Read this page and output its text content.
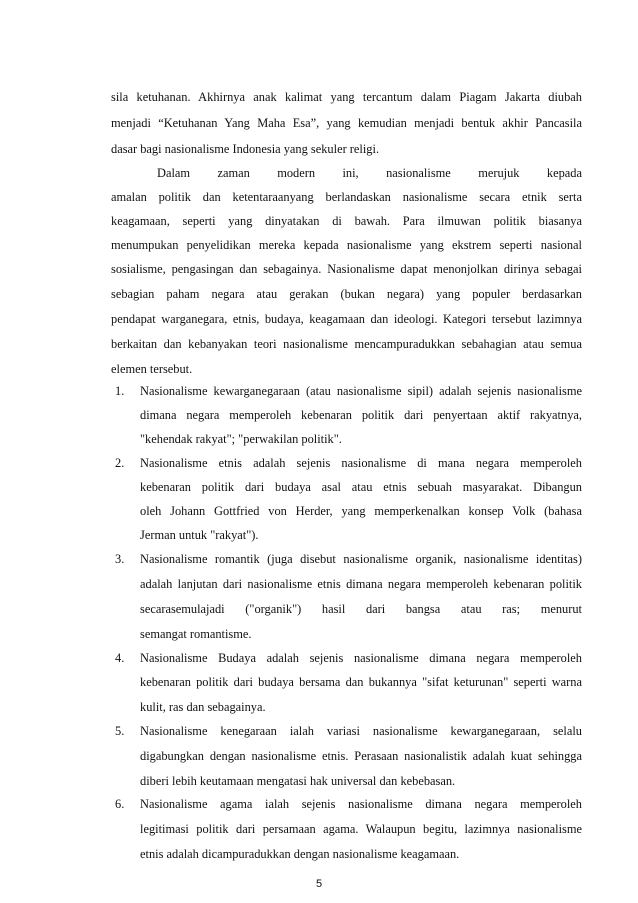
sila ketuhanan. Akhirnya anak kalimat yang tercantum dalam Piagam Jakarta diubah
menjadi “Ketuhanan Yang Maha Esa”, yang kemudian menjadi bentuk akhir Pancasila
dasar bagi nasionalisme Indonesia yang sekuler religi.
Dalam zaman modern ini, nasionalisme merujuk kepada
amalan politik dan ketentaraanyang berlandaskan nasionalisme secara etnik serta
keagamaan, seperti yang dinyatakan di bawah. Para ilmuwan politik biasanya
menumpukan penyelidikan mereka kepada nasionalisme yang ekstrem seperti nasional
sosialisme, pengasingan dan sebagainya. Nasionalisme dapat menonjolkan dirinya sebagai
sebagian paham negara atau gerakan (bukan negara) yang populer berdasarkan
pendapat warganegara, etnis, budaya, keagamaan dan ideologi. Kategori tersebut lazimnya
berkaitan dan kebanyakan teori nasionalisme mencampuradukkan sebahagian atau semua
elemen tersebut.
1.	Nasionalisme kewarganegaraan (atau nasionalisme sipil) adalah sejenis nasionalisme
dimana negara memperoleh kebenaran politik dari penyertaan aktif rakyatnya,
"kehendak rakyat"; "perwakilan politik".
2.	Nasionalisme etnis adalah sejenis nasionalisme di mana negara memperoleh
kebenaran politik dari budaya asal atau etnis sebuah masyarakat. Dibangun
oleh Johann Gottfried von Herder, yang memperkenalkan konsep Volk (bahasa
Jerman untuk "rakyat").
3.	Nasionalisme romantik (juga disebut nasionalisme organik, nasionalisme identitas)
adalah lanjutan dari nasionalisme etnis dimana negara memperoleh kebenaran politik
secarasemulajadi ("organik") hasil dari bangsa atau ras; menurut
semangat romantisme.
4.	Nasionalisme Budaya adalah sejenis nasionalisme dimana negara memperoleh
kebenaran politik dari budaya bersama dan bukannya "sifat keturunan" seperti warna
kulit, ras dan sebagainya.
5.	Nasionalisme kenegaraan ialah variasi nasionalisme kewarganegaraan, selalu
digabungkan dengan nasionalisme etnis. Perasaan nasionalistik adalah kuat sehingga
diberi lebih keutamaan mengatasi hak universal dan kebebasan.
6.	Nasionalisme agama ialah sejenis nasionalisme dimana negara memperoleh
legitimasi politik dari persamaan agama. Walaupun begitu, lazimnya nasionalisme
etnis adalah dicampuradukkan dengan nasionalisme keagamaan.
5
